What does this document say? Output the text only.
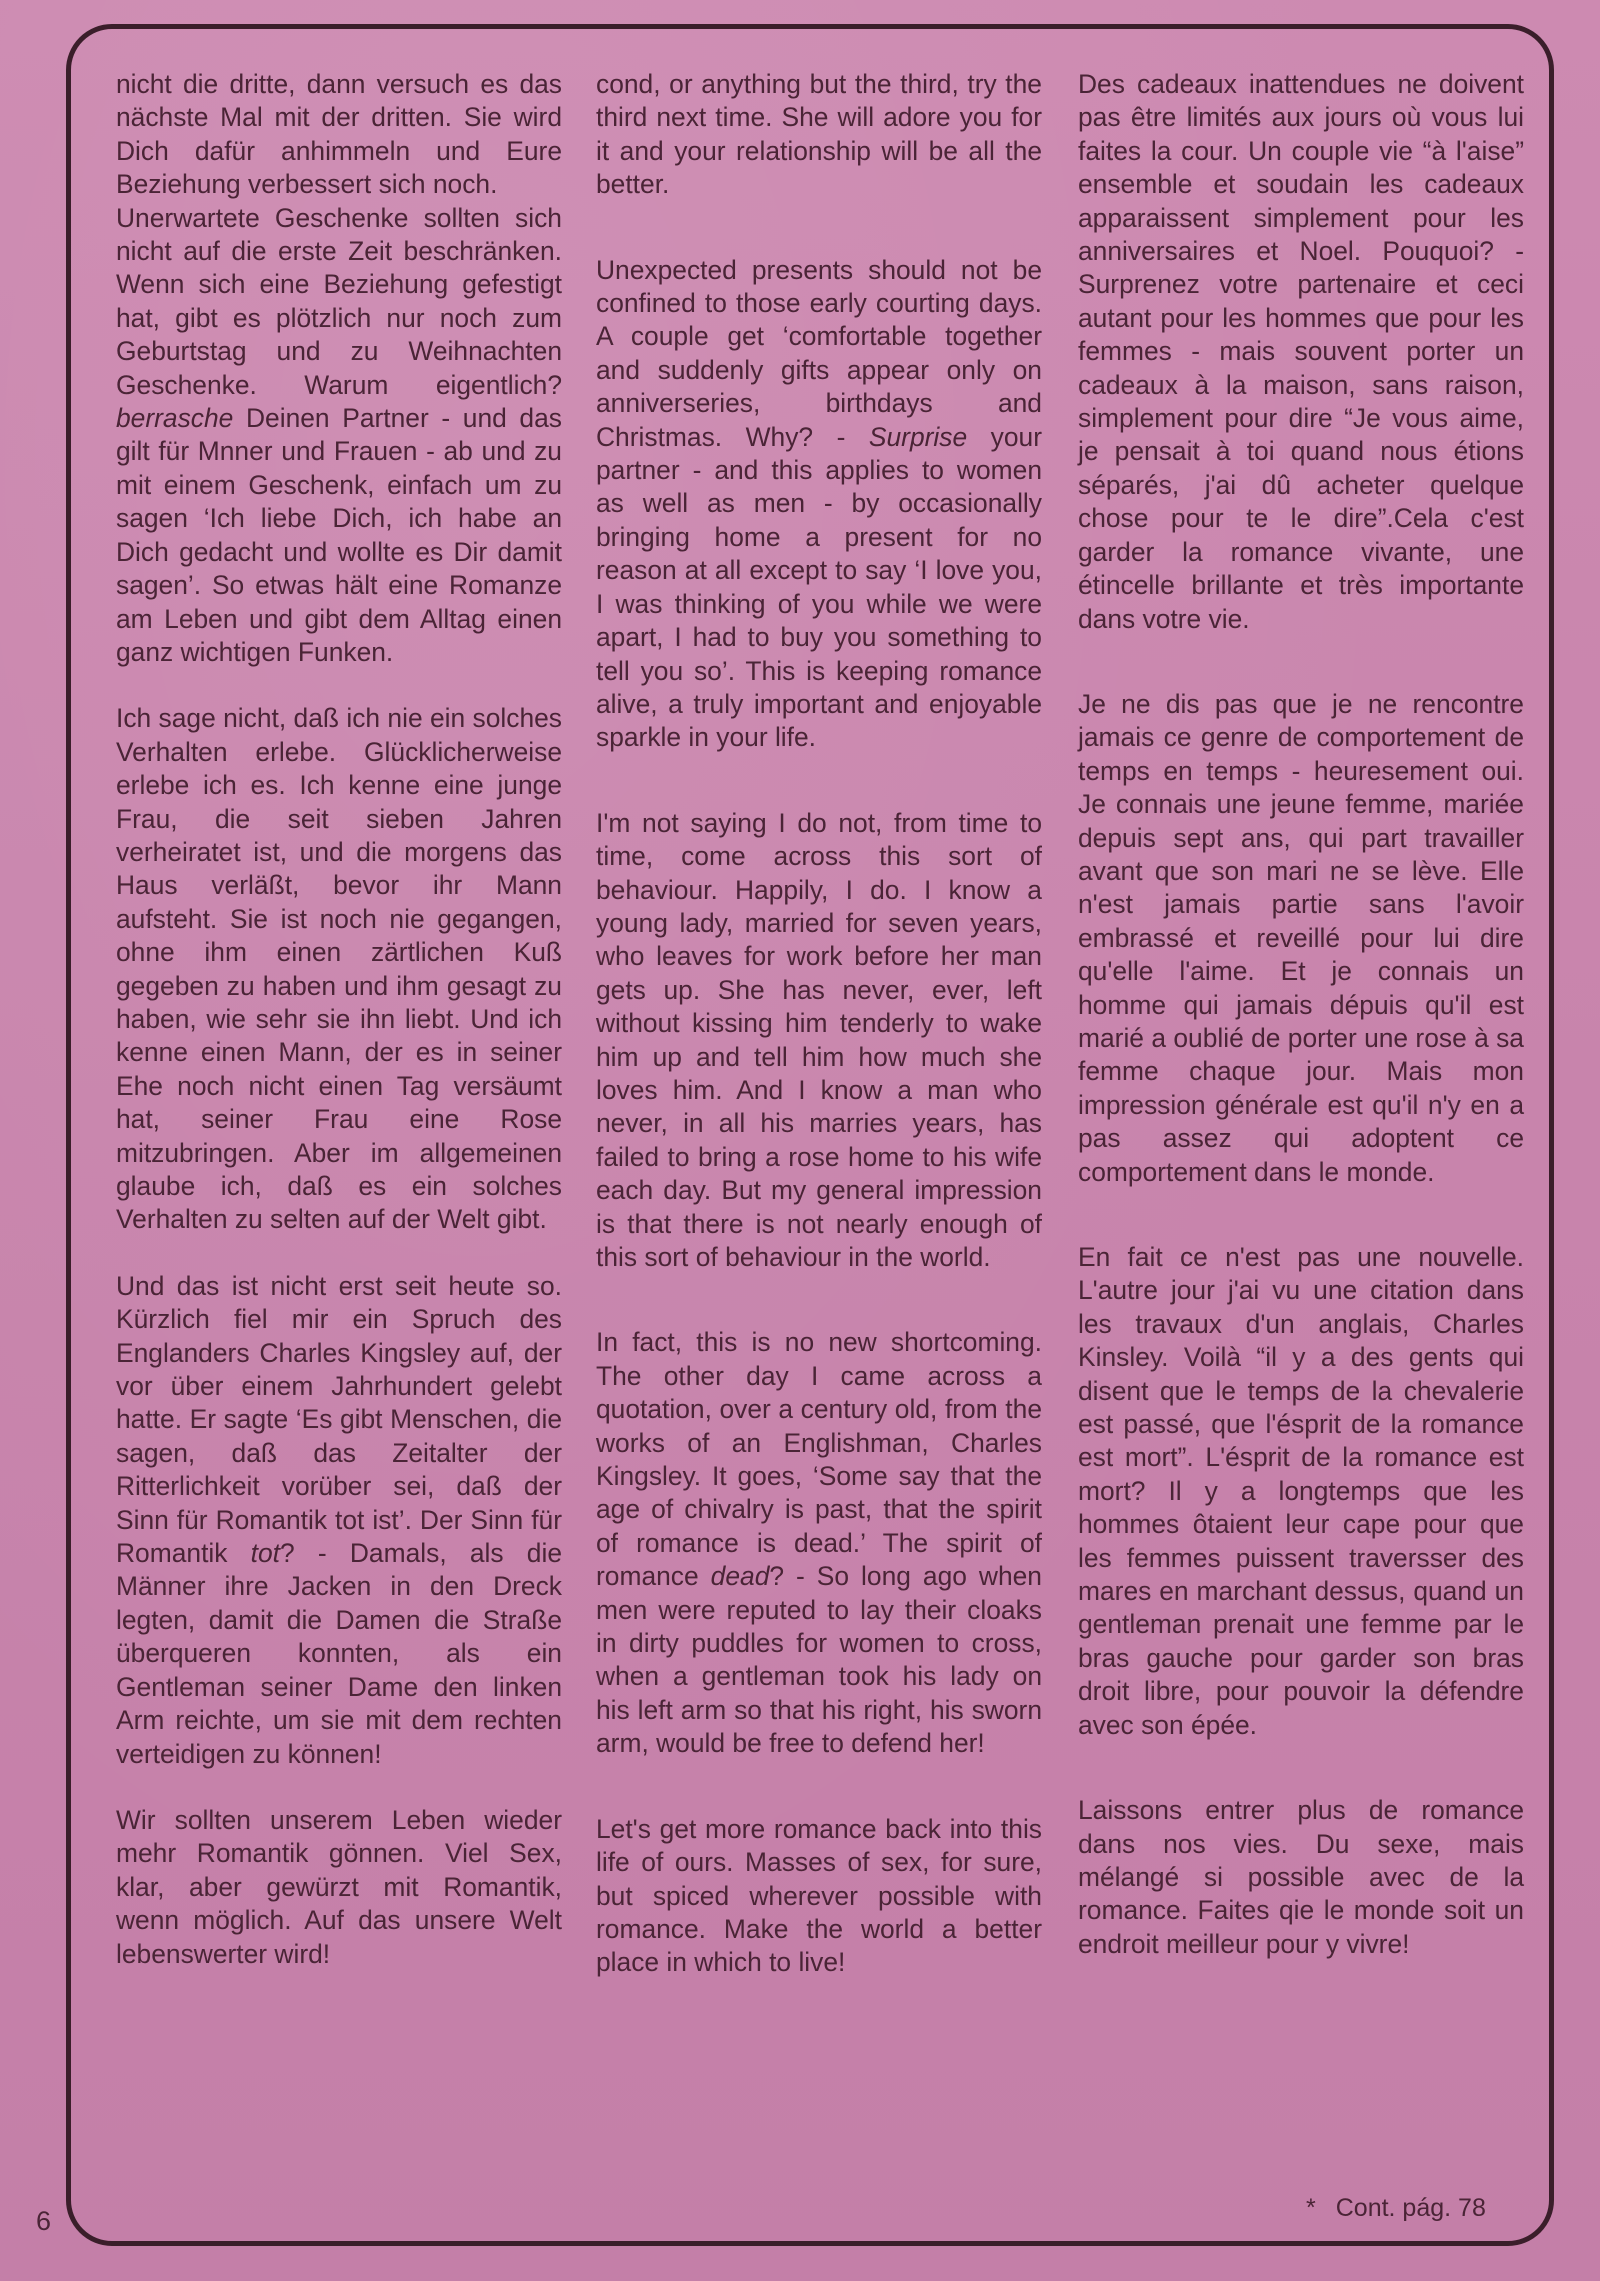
nicht die dritte, dann versuch es das nächste Mal mit der dritten. Sie wird Dich dafür anhimmeln und Eure Beziehung verbessert sich noch.

Unerwartete Geschenke sollten sich nicht auf die erste Zeit beschränken. Wenn sich eine Beziehung gefestigt hat, gibt es plötzlich nur noch zum Geburtstag und zu Weihnachten Geschenke. Warum eigentlich? berrasche Deinen Partner - und das gilt für Mnner und Frauen - ab und zu mit einem Geschenk, einfach um zu sagen ‘Ich liebe Dich, ich habe an Dich gedacht und wollte es Dir damit sagen’. So etwas hält eine Romanze am Leben und gibt dem Alltag einen ganz wichtigen Funken.

Ich sage nicht, daß ich nie ein solches Verhalten erlebe. Glücklicherweise erlebe ich es. Ich kenne eine junge Frau, die seit sieben Jahren verheiratet ist, und die morgens das Haus verläßt, bevor ihr Mann aufsteht. Sie ist noch nie gegangen, ohne ihm einen zärtlichen Kuß gegeben zu haben und ihm gesagt zu haben, wie sehr sie ihn liebt. Und ich kenne einen Mann, der es in seiner Ehe noch nicht einen Tag versäumt hat, seiner Frau eine Rose mitzubringen. Aber im allgemeinen glaube ich, daß es ein solches Verhalten zu selten auf der Welt gibt.

Und das ist nicht erst seit heute so. Kürzlich fiel mir ein Spruch des Englanders Charles Kingsley auf, der vor über einem Jahrhundert gelebt hatte. Er sagte ‘Es gibt Menschen, die sagen, daß das Zeitalter der Ritterlichkeit vorüber sei, daß der Sinn für Romantik tot ist’. Der Sinn für Romantik tot? - Damals, als die Männer ihre Jacken in den Dreck legten, damit die Damen die Straße überqueren konnten, als ein Gentleman seiner Dame den linken Arm reichte, um sie mit dem rechten verteidigen zu können!

Wir sollten unserem Leben wieder mehr Romantik gönnen. Viel Sex, klar, aber gewürzt mit Romantik, wenn möglich. Auf das unsere Welt lebenswerter wird!

cond, or anything but the third, try the third next time. She will adore you for it and your relationship will be all the better.

Unexpected presents should not be confined to those early courting days. A couple get ‘comfortable together and suddenly gifts appear only on anniverseries, birthdays and Christmas. Why? - Surprise your partner - and this applies to women as well as men - by occasionally bringing home a present for no reason at all except to say ‘I love you, I was thinking of you while we were apart, I had to buy you something to tell you so’. This is keeping romance alive, a truly important and enjoyable sparkle in your life.

I'm not saying I do not, from time to time, come across this sort of behaviour. Happily, I do. I know a young lady, married for seven years, who leaves for work before her man gets up. She has never, ever, left without kissing him tenderly to wake him up and tell him how much she loves him. And I know a man who never, in all his marries years, has failed to bring a rose home to his wife each day. But my general impression is that there is not nearly enough of this sort of behaviour in the world.

In fact, this is no new shortcoming. The other day I came across a quotation, over a century old, from the works of an Englishman, Charles Kingsley. It goes, ‘Some say that the age of chivalry is past, that the spirit of romance is dead.’ The spirit of romance dead? - So long ago when men were reputed to lay their cloaks in dirty puddles for women to cross, when a gentleman took his lady on his left arm so that his right, his sworn arm, would be free to defend her!

Let's get more romance back into this life of ours. Masses of sex, for sure, but spiced wherever possible with romance. Make the world a better place in which to live!

Des cadeaux inattendues ne doivent pas être limités aux jours où vous lui faites la cour. Un couple vie “à l'aise” ensemble et soudain les cadeaux apparaissent simplement pour les anniversaires et Noel. Pouquoi? - Surprenez votre partenaire et ceci autant pour les hommes que pour les femmes - mais souvent porter un cadeaux à la maison, sans raison, simplement pour dire “Je vous aime, je pensait à toi quand nous étions séparés, j'ai dû acheter quelque chose pour te le dire”.Cela c'est garder la romance vivante, une étincelle brillante et très importante dans votre vie.

Je ne dis pas que je ne rencontre jamais ce genre de comportement de temps en temps - heuresement oui. Je connais une jeune femme, mariée depuis sept ans, qui part travailler avant que son mari ne se lève. Elle n'est jamais partie sans l'avoir embrassé et reveillé pour lui dire qu'elle l'aime. Et je connais un homme qui jamais dépuis qu'il est marié a oublié de porter une rose à sa femme chaque jour. Mais mon impression générale est qu'il n'y en a pas assez qui adoptent ce comportement dans le monde.

En fait ce n'est pas une nouvelle. L'autre jour j'ai vu une citation dans les travaux d'un anglais, Charles Kinsley. Voilà “il y a des gents qui disent que le temps de la chevalerie est passé, que l'ésprit de la romance est mort”. L'ésprit de la romance est mort? Il y a longtemps que les hommes ôtaient leur cape pour que les femmes puissent traversser des mares en marchant dessus, quand un gentleman prenait une femme par le bras gauche pour garder son bras droit libre, pour pouvoir la défendre avec son épée.

Laissons entrer plus de romance dans nos vies. Du sexe, mais mélangé si possible avec de la romance. Faites qie le monde soit un endroit meilleur pour y vivre!

6	* Cont. pág. 78
